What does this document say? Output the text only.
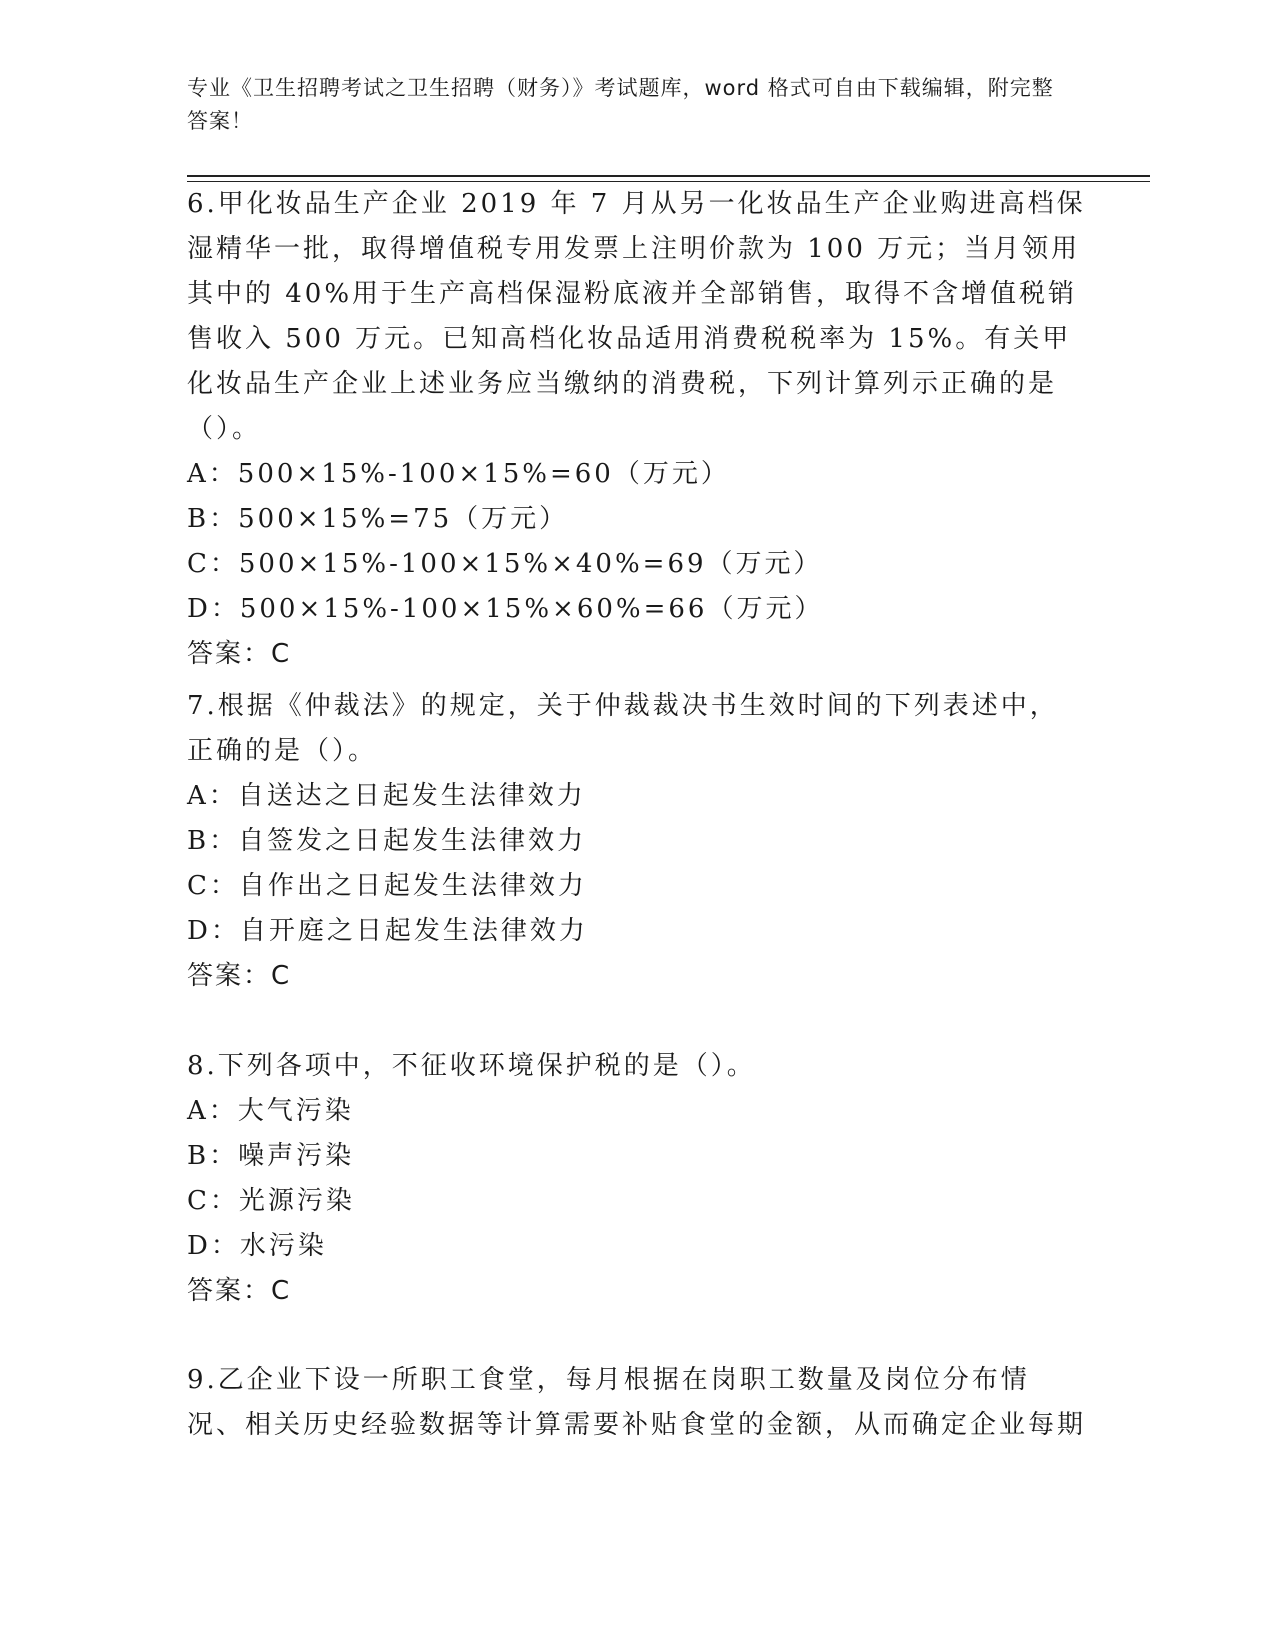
专业《卫生招聘考试之卫生招聘（财务）》考试题库，word 格式可自由下载编辑，附完整答案！

6.甲化妆品生产企业 2019 年 7 月从另一化妆品生产企业购进高档保湿精华一批，取得增值税专用发票上注明价款为 100 万元；当月领用其中的 40%用于生产高档保湿粉底液并全部销售，取得不含增值税销售收入 500 万元。已知高档化妆品适用消费税税率为 15%。有关甲化妆品生产企业上述业务应当缴纳的消费税，下列计算列示正确的是（）。

A：500×15%-100×15%=60（万元）

B：500×15%=75（万元）

C：500×15%-100×15%×40%=69（万元）

D：500×15%-100×15%×60%=66（万元）

答案：C

7.根据《仲裁法》的规定，关于仲裁裁决书生效时间的下列表述中，正确的是（）。

A：自送达之日起发生法律效力

B：自签发之日起发生法律效力

C：自作出之日起发生法律效力

D：自开庭之日起发生法律效力

答案：C

8.下列各项中，不征收环境保护税的是（）。

A：大气污染

B：噪声污染

C：光源污染

D：水污染

答案：C

9.乙企业下设一所职工食堂，每月根据在岗职工数量及岗位分布情况、相关历史经验数据等计算需要补贴食堂的金额，从而确定企业每期
